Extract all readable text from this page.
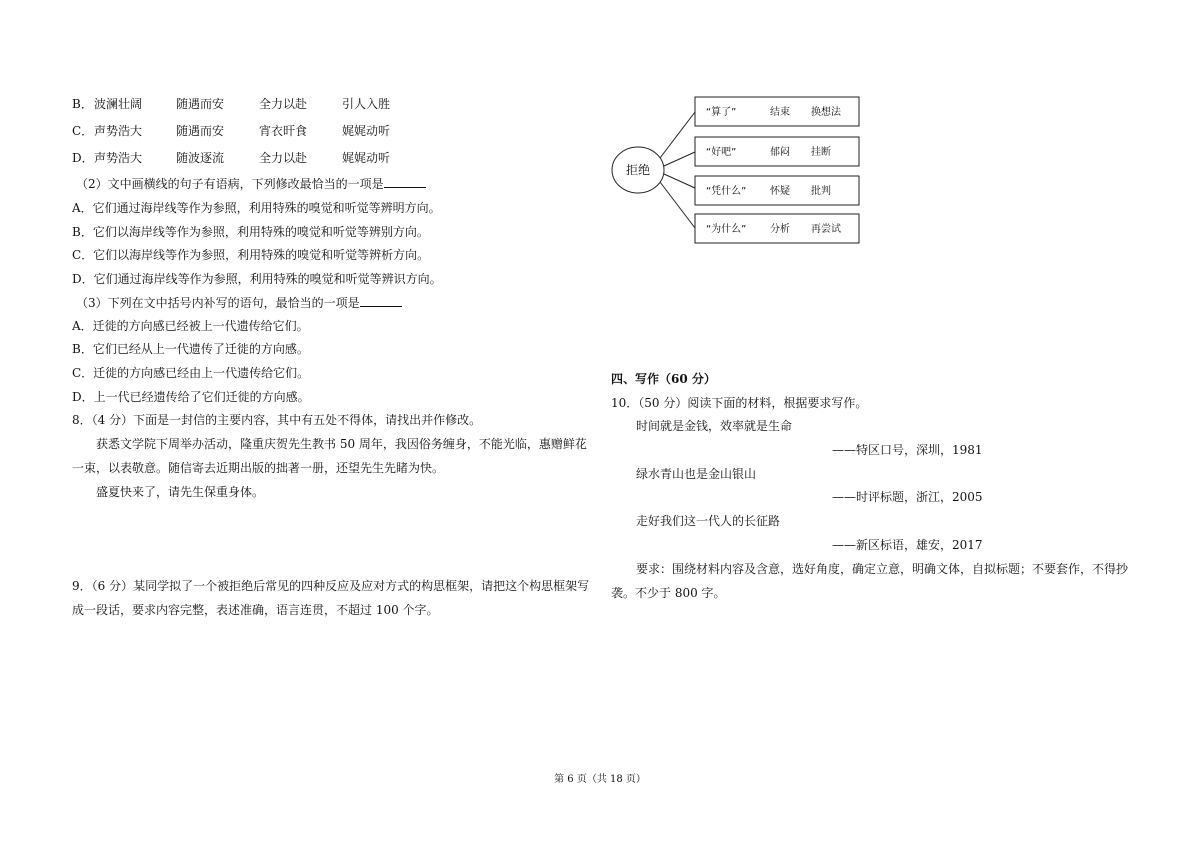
B． 波澜壮阔	随遇而安	全力以赴	引人入胜
C． 声势浩大	随遇而安	宵衣旰食	娓娓动听
D． 声势浩大	随波逐流	全力以赴	娓娓动听
（2）文中画横线的句子有语病，下列修改最恰当的一项是
A．它们通过海岸线等作为参照，利用特殊的嗅觉和听觉等辨明方向。
B．它们以海岸线等作为参照，利用特殊的嗅觉和听觉等辨别方向。
C．它们以海岸线等作为参照，利用特殊的嗅觉和听觉等辨析方向。
D．它们通过海岸线等作为参照，利用特殊的嗅觉和听觉等辨识方向。
（3）下列在文中括号内补写的语句，最恰当的一项是
A．迁徙的方向感已经被上一代遗传给它们。
B．它们已经从上一代遗传了迁徙的方向感。
C．迁徙的方向感已经由上一代遗传给它们。
D．上一代已经遗传给了它们迁徙的方向感。
8．（4 分）下面是一封信的主要内容，其中有五处不得体，请找出并作修改。
获悉文学院下周举办活动，隆重庆贺先生教书 50 周年，我因俗务缠身，不能光临，惠赠鲜花
一束，以表敬意。随信寄去近期出版的拙著一册，还望先生先睹为快。
盛夏快来了，请先生保重身体。
9．（6 分）某同学拟了一个被拒绝后常见的四种反应及应对方式的构思框架，请把这个构思框架写
成一段话，要求内容完整，表述准确，语言连贯，不超过 100 个字。
拒绝
“算了”	结束 换想法
“好吧”	郁闷 挂断
“凭什么” 怀疑 批判
“为什么” 分析 再尝试
四、写作（60 分）
10．（50 分）阅读下面的材料，根据要求写作。
时间就是金钱，效率就是生命
——特区口号，深圳，1981
绿水青山也是金山银山
——时评标题，浙江，2005
走好我们这一代人的长征路
——新区标语，雄安，2017
要求：围绕材料内容及含意，选好角度，确定立意，明确文体，自拟标题；不要套作，不得抄
袭。不少于 800 字。
第 6 页（共 18 页）
